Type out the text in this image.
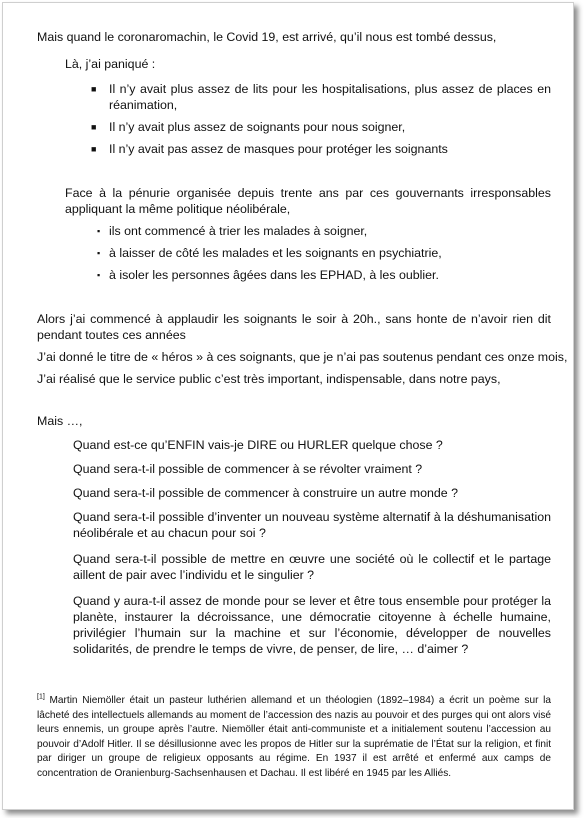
Mais quand le coronaromachin, le Covid 19, est arrivé, qu’il nous est tombé dessus,
Là, j’ai paniqué :
■ Il n’y avait plus assez de lits pour les hospitalisations, plus assez de places en réanimation,
■ Il n’y avait plus assez de soignants pour nous soigner,
■ Il n’y avait pas assez de masques pour protéger les soignants
Face à la pénurie organisée depuis trente ans par ces gouvernants irresponsables appliquant la même politique néolibérale,
▪ ils ont commencé à trier les malades à soigner,
▪ à laisser de côté les malades et les soignants en psychiatrie,
▪ à isoler les personnes âgées dans les EPHAD, à les oublier.
Alors j’ai commencé à applaudir les soignants le soir à 20h., sans honte de n’avoir rien dit pendant toutes ces années
J’ai donné le titre de « héros » à ces soignants, que je n’ai pas soutenus pendant ces onze mois,
J’ai réalisé que le service public c’est très important, indispensable, dans notre pays,
Mais …,
Quand est-ce qu’ENFIN vais-je DIRE ou HURLER quelque chose ?
Quand sera-t-il possible de commencer à se révolter vraiment ?
Quand sera-t-il possible de commencer à construire un autre monde ?
Quand sera-t-il possible d’inventer un nouveau système alternatif à la déshumanisation néolibérale et au chacun pour soi ?
Quand sera-t-il possible de mettre en œuvre une société où le collectif et le partage aillent de pair avec l’individu et le singulier ?
Quand y aura-t-il assez de monde pour se lever et être tous ensemble pour protéger la planète, instaurer la décroissance, une démocratie citoyenne à échelle humaine, privilégier l’humain sur la machine et sur l’économie, développer de nouvelles solidarités, de prendre le temps de vivre, de penser, de lire, … d’aimer ?
[1] Martin Niemöller était un pasteur luthérien allemand et un théologien (1892–1984) a écrit un poème sur la lâcheté des intellectuels allemands au moment de l’accession des nazis au pouvoir et des purges qui ont alors visé leurs ennemis, un groupe après l’autre. Niemöller était anti-communiste et a initialement soutenu l’accession au pouvoir d’Adolf Hitler. Il se désillusionne avec les propos de Hitler sur la suprématie de l’État sur la religion, et finit par diriger un groupe de religieux opposants au régime. En 1937 il est arrêté et enfermé aux camps de concentration de Oranienburg-Sachsenhausen et Dachau. Il est libéré en 1945 par les Alliés.
